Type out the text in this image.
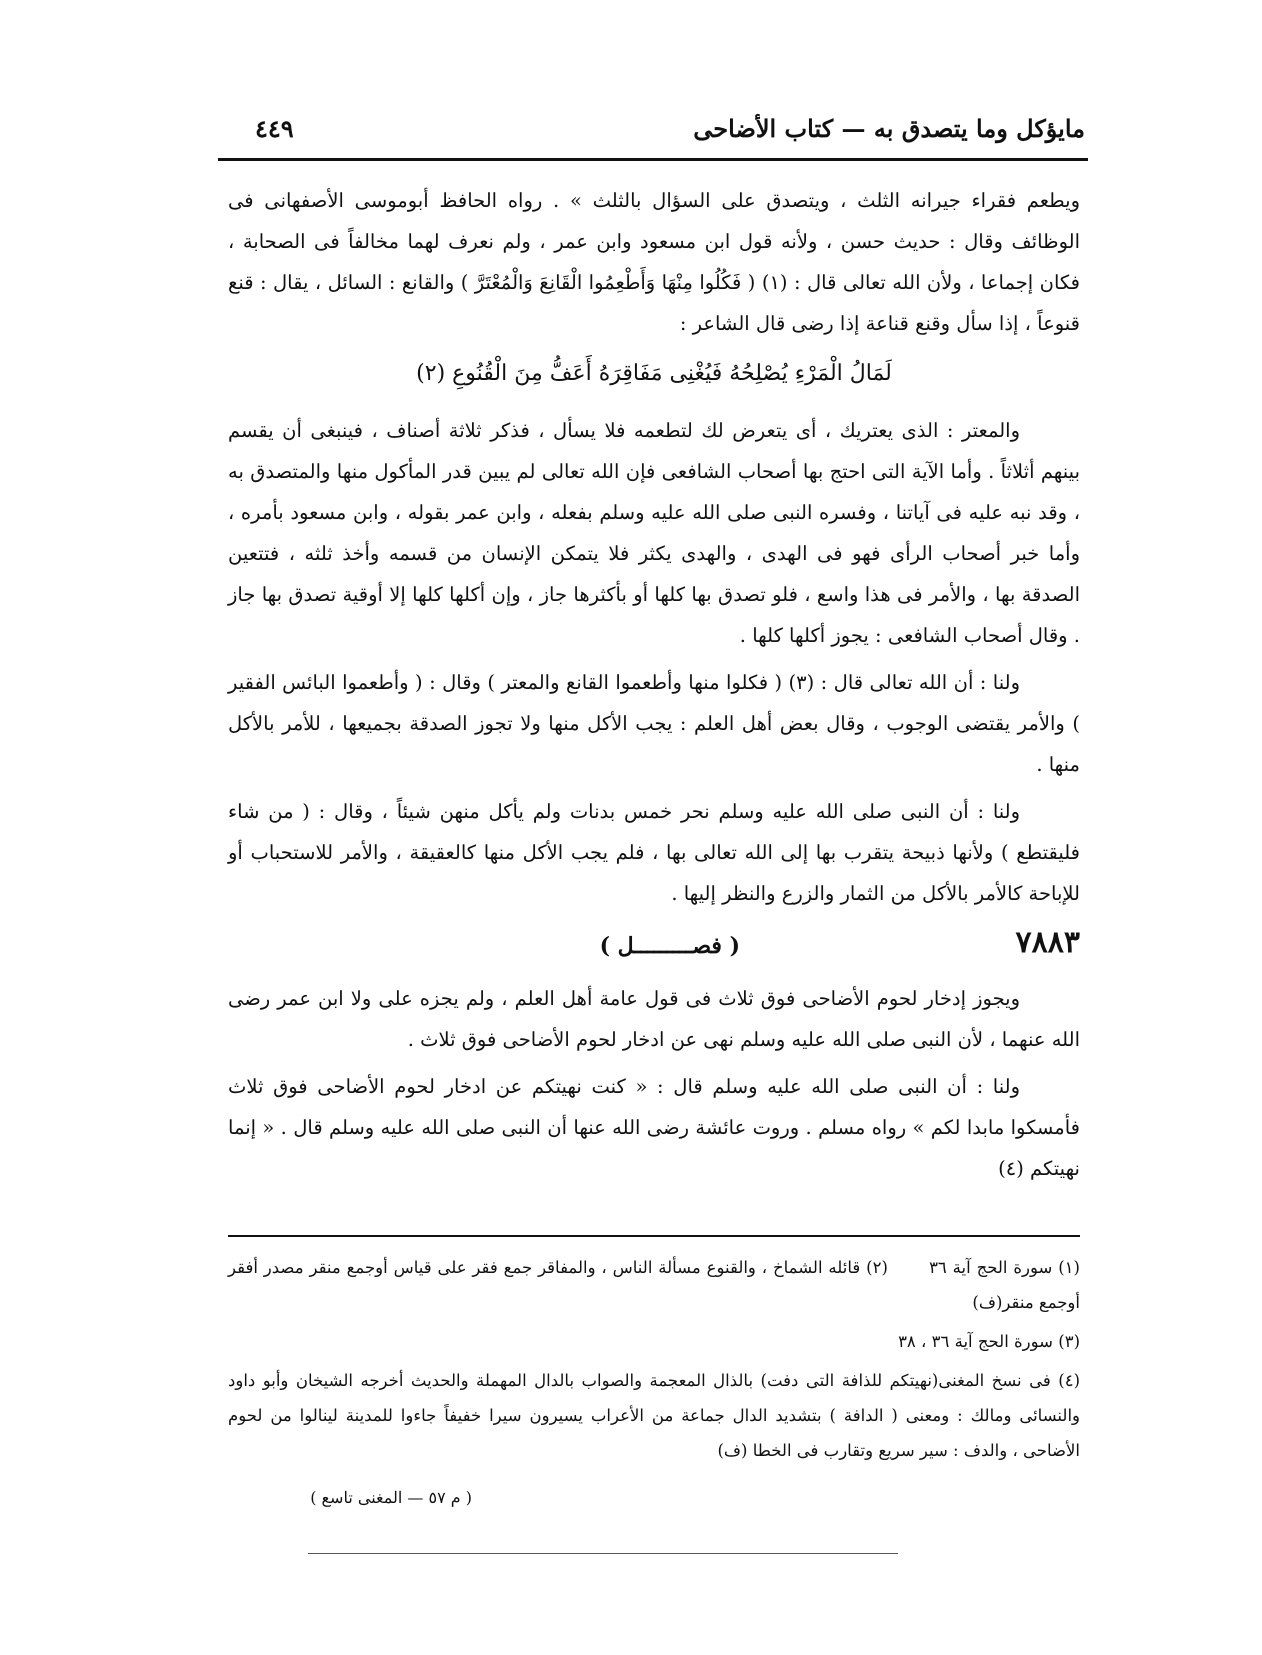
مايؤكل وما يتصدق به — كتاب الأضاحى
٤٤٩

ويطعم فقراء جيرانه الثلث ، ويتصدق على السؤال بالثلث » . رواه الحافظ أبوموسى الأصفهانى فى الوظائف وقال : حديث حسن ، ولأنه قول ابن مسعود وابن عمر ، ولم نعرف لهما مخالفاً فى الصحابة ، فكان إجماعا ، ولأن الله تعالى قال : (١) ( فَكُلُوا مِنْهَا وَأَطْعِمُوا الْقَانِعَ وَالْمُعْتَرَّ ) والقانع : السائل ، يقال : قنع قنوعاً ، إذا سأل وقنع قناعة إذا رضى قال الشاعر :

لَمَالُ الْمَرْءِ يُصْلِحُهُ فَيُغْنِى مَفَاقِرَهُ أَعَفُّ مِنَ الْقُنُوعِ (٢)

والمعتر : الذى يعتريك ، أى يتعرض لك لتطعمه فلا يسأل ، فذكر ثلاثة أصناف ، فينبغى أن يقسم بينهم أثلاثاً . وأما الآية التى احتج بها أصحاب الشافعى فإن الله تعالى لم يبين قدر المأكول منها والمتصدق به ، وقد نبه عليه فى آياتنا ، وفسره النبى صلى الله عليه وسلم بفعله ، وابن عمر بقوله ، وابن مسعود بأمره ، وأما خبر أصحاب الرأى فهو فى الهدى ، والهدى يكثر فلا يتمكن الإنسان من قسمه وأخذ ثلثه ، فتتعين الصدقة بها ، والأمر فى هذا واسع ، فلو تصدق بها كلها أو بأكثرها جاز ، وإن أكلها كلها إلا أوقية تصدق بها جاز . وقال أصحاب الشافعى : يجوز أكلها كلها .

ولنا : أن الله تعالى قال : (٣) ( فكلوا منها وأطعموا القانع والمعتر ) وقال : ( وأطعموا البائس الفقير ) والأمر يقتضى الوجوب ، وقال بعض أهل العلم : يجب الأكل منها ولا تجوز الصدقة بجميعها ، للأمر بالأكل منها .

ولنا : أن النبى صلى الله عليه وسلم نحر خمس بدنات ولم يأكل منهن شيئاً ، وقال : ( من شاء فليقتطع ) ولأنها ذبيحة يتقرب بها إلى الله تعالى بها ، فلم يجب الأكل منها كالعقيقة ، والأمر للاستحباب أو للإباحة كالأمر بالأكل من الثمار والزرع والنظر إليها .

٧٨٨٣
( فصـــــــــل )

ويجوز إدخار لحوم الأضاحى فوق ثلاث فى قول عامة أهل العلم ، ولم يجزه على ولا ابن عمر رضى الله عنهما ، لأن النبى صلى الله عليه وسلم نهى عن ادخار لحوم الأضاحى فوق ثلاث .

ولنا : أن النبى صلى الله عليه وسلم قال : « كنت نهيتكم عن ادخار لحوم الأضاحى فوق ثلاث فأمسكوا مابدا لكم » رواه مسلم . وروت عائشة رضى الله عنها أن النبى صلى الله عليه وسلم قال . « إنما نهيتكم (٤)

(١) سورة الحج آية ٣٦       (٢) قائله الشماخ ، والقنوع مسألة الناس ، والمفاقر جمع فقر على قياس أوجمع منقر مصدر أفقر أوجمع منقر(ف)

(٣) سورة الحج آية ٣٦ ، ٣٨

(٤) فى نسخ المغنى(نهيتكم للذافة التى دفت) بالذال المعجمة والصواب بالدال المهملة والحديث أخرجه الشيخان وأبو داود والنسائى ومالك : ومعنى ( الدافة ) بتشديد الدال جماعة من الأعراب يسيرون سيرا خفيفاً جاءوا للمدينة لينالوا من لحوم الأضاحى ، والدف : سير سريع وتقارب فى الخطا (ف)

( م ٥٧ — المغنى تاسع )
